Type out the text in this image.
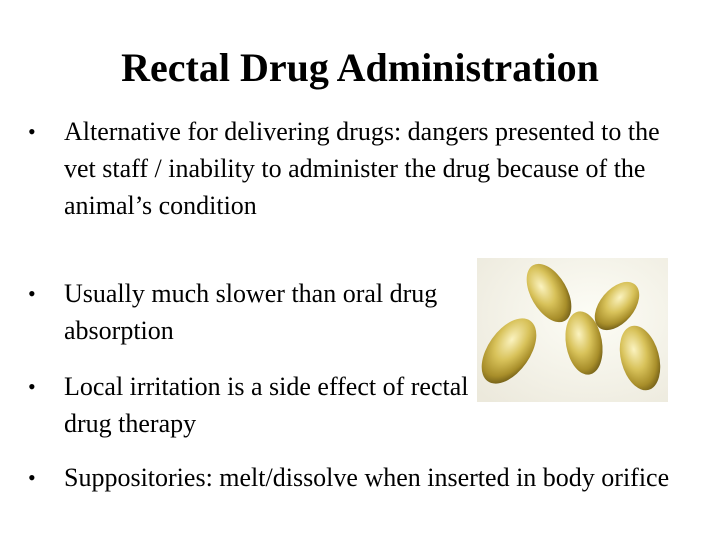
Rectal Drug Administration
• Alternative for delivering drugs: dangers presented to the vet staff / inability to administer the drug because of the animal’s condition
• Usually much slower than oral drug absorption
• Local irritation is a side effect of rectal drug therapy
• Suppositories: melt/dissolve when inserted in body orifice
